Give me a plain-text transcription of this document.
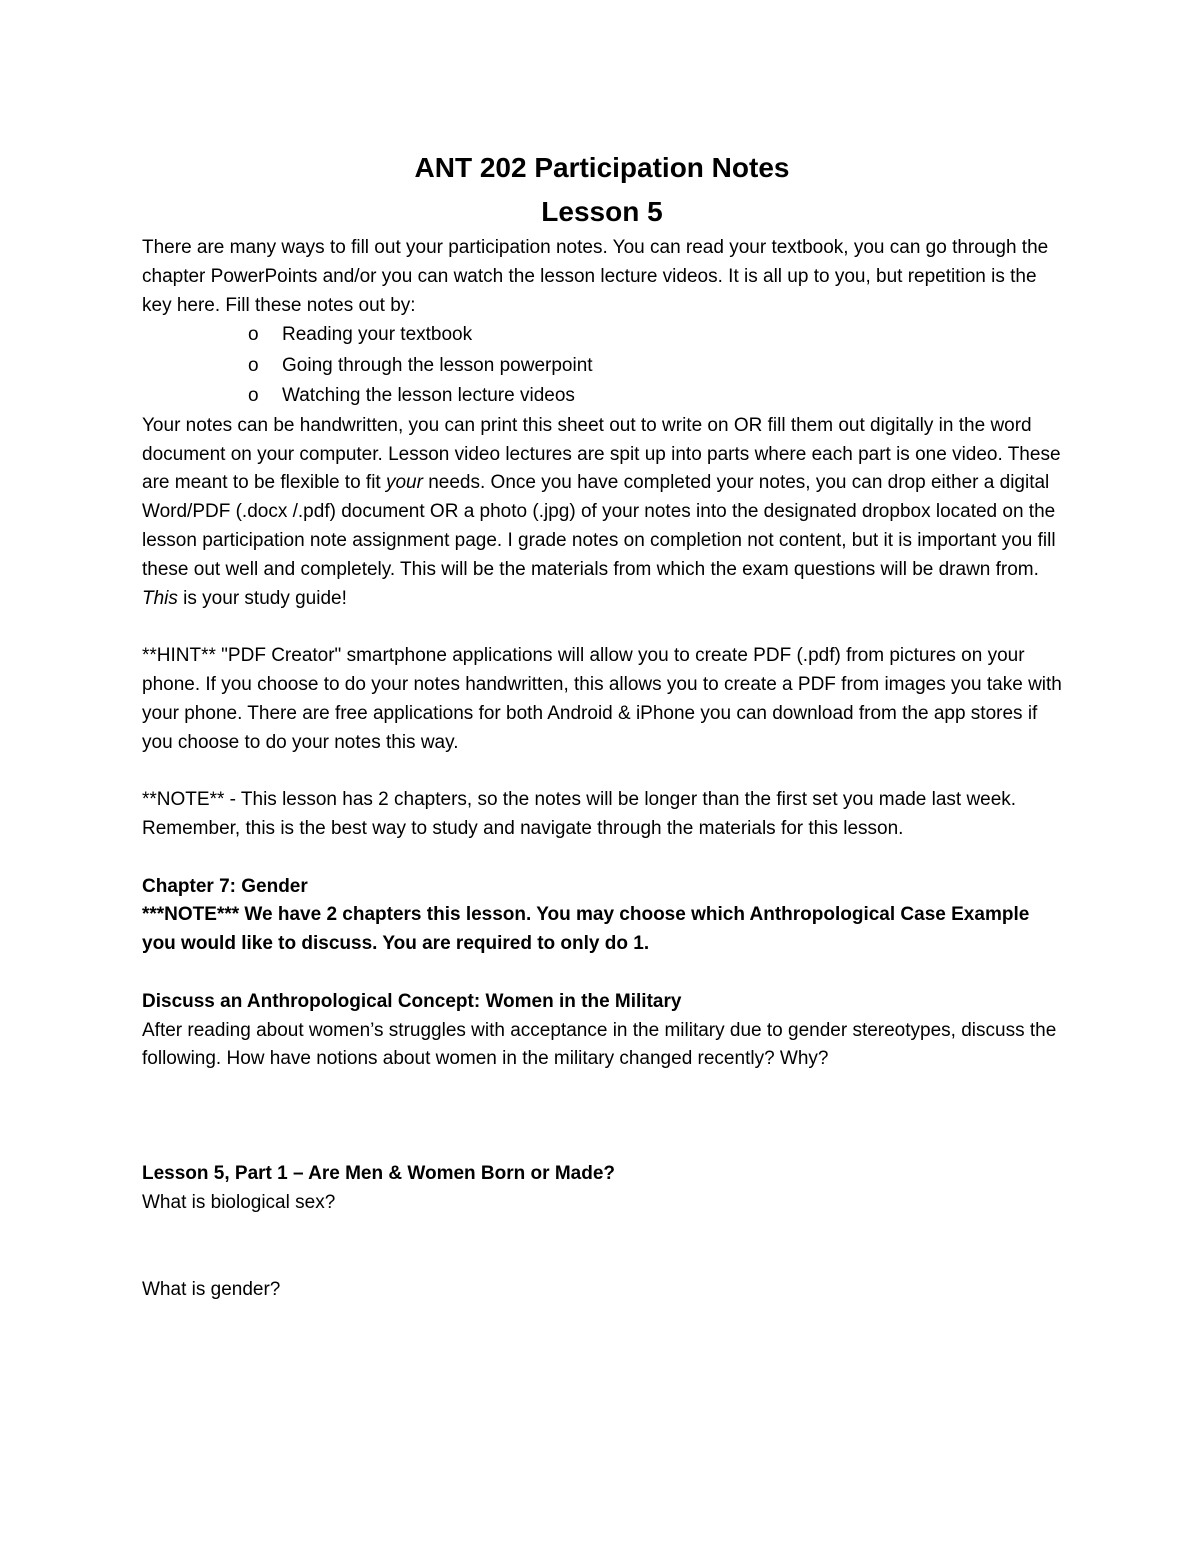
ANT 202 Participation Notes
Lesson 5

There are many ways to fill out your participation notes. You can read your textbook, you can go through the chapter PowerPoints and/or you can watch the lesson lecture videos. It is all up to you, but repetition is the key here. Fill these notes out by:

o Reading your textbook
o Going through the lesson powerpoint
o Watching the lesson lecture videos

Your notes can be handwritten, you can print this sheet out to write on OR fill them out digitally in the word document on your computer. Lesson video lectures are spit up into parts where each part is one video. These are meant to be flexible to fit your needs. Once you have completed your notes, you can drop either a digital Word/PDF (.docx /.pdf) document OR a photo (.jpg) of your notes into the designated dropbox located on the lesson participation note assignment page. I grade notes on completion not content, but it is important you fill these out well and completely. This will be the materials from which the exam questions will be drawn from. This is your study guide!

**HINT** "PDF Creator" smartphone applications will allow you to create PDF (.pdf) from pictures on your phone. If you choose to do your notes handwritten, this allows you to create a PDF from images you take with your phone. There are free applications for both Android & iPhone you can download from the app stores if you choose to do your notes this way.

**NOTE** - This lesson has 2 chapters, so the notes will be longer than the first set you made last week. Remember, this is the best way to study and navigate through the materials for this lesson.

Chapter 7: Gender

***NOTE*** We have 2 chapters this lesson. You may choose which Anthropological Case Example you would like to discuss. You are required to only do 1.

Discuss an Anthropological Concept: Women in the Military

After reading about women’s struggles with acceptance in the military due to gender stereotypes, discuss the following. How have notions about women in the military changed recently? Why?

Lesson 5, Part 1 – Are Men & Women Born or Made?

What is biological sex?

What is gender?
